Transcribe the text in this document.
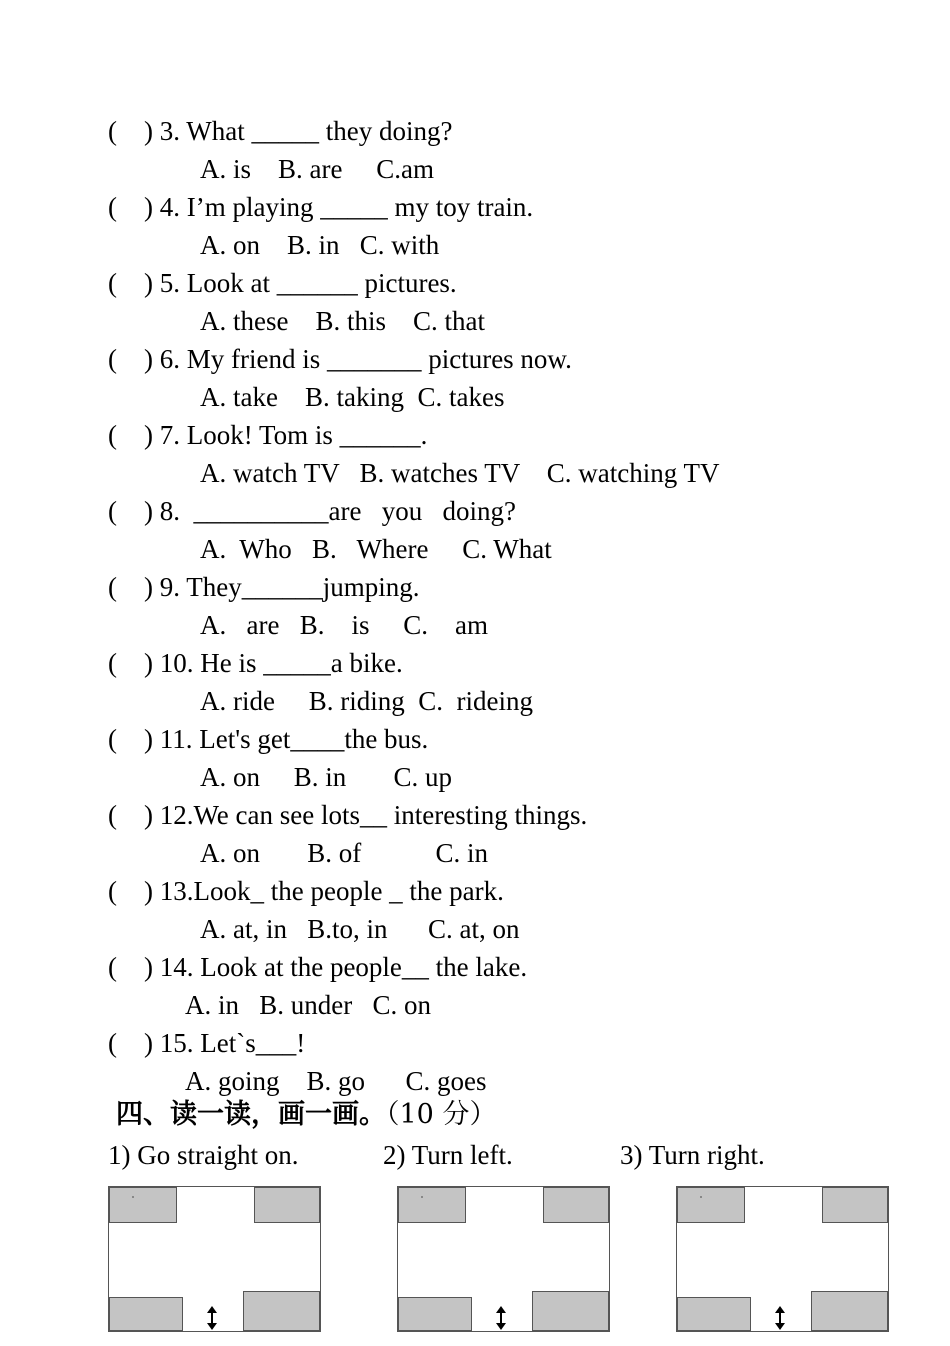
(    ) 3. What _____ they doing?
A. is    B. are     C.am
(    ) 4. I’m playing _____ my toy train.
A. on    B. in   C. with
(    ) 5. Look at ______ pictures.
A. these    B. this    C. that
(    ) 6. My friend is _______ pictures now.
A. take    B. taking  C. takes
(    ) 7. Look! Tom is ______.
A. watch TV   B. watches TV    C. watching TV
(    ) 8.  __________are   you   doing?
A.  Who   B.   Where     C. What
(    ) 9. They______jumping.
A.   are   B.    is     C.    am
(    ) 10. He is _____a bike.
A. ride     B. riding  C.  rideing
(    ) 11. Let's get____the bus.
A. on     B. in       C. up
(    ) 12.We can see lots__ interesting things.
A. on       B. of           C. in
(    ) 13.Look_ the people _ the park.
A. at, in   B.to, in      C. at, on
(    ) 14. Look at the people__ the lake.
A. in   B. under   C. on
(    ) 15. Let`s___!
A. going    B. go      C. goes
四、读一读，画一画。（10 分）
1) Go straight on.	2) Turn left.	3) Turn right.
